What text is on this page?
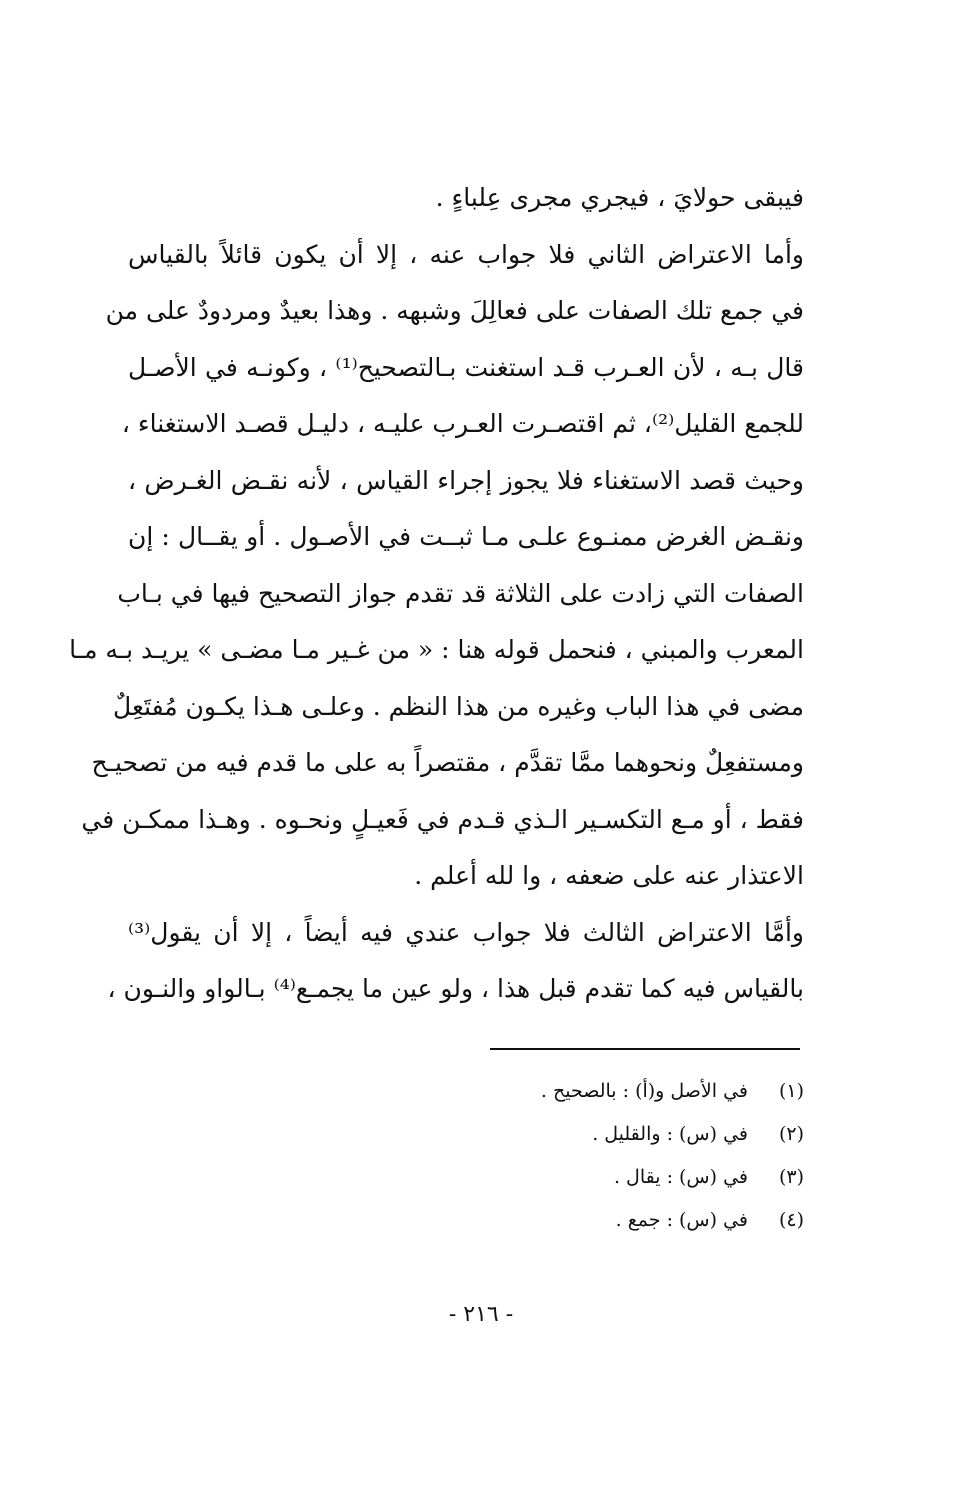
فيبقى حولايَ ، فيجري مجرى عِلباءٍ .
وأما الاعتراض الثاني فلا جواب عنه ، إلا أن يكون قائلاً بالقياس
في جمع تلك الصفات على فعالِلَ وشبهه . وهذا بعيدٌ ومردودٌ على من
قال بـه ، لأن العـرب قـد استغنت بـالتصحيح⁽¹⁾ ، وكونـه في الأصـل
للجمع القليل⁽²⁾، ثم اقتصـرت العـرب عليـه ، دليـل قصـد الاستغناء ،
وحيث قصد الاستغناء فلا يجوز إجراء القياس ، لأنه نقـض الغـرض ،
ونقـض الغرض ممنـوع علـى مـا ثبــت في الأصـول . أو يقــال : إن
الصفات التي زادت على الثلاثة قد تقدم جواز التصحيح فيها في بـاب
المعرب والمبني ، فنحمل قوله هنا : « من غـير مـا مضـى » يريـد بـه مـا
مضى في هذا الباب وغيره من هذا النظم . وعلـى هـذا يكـون مُفتَعِلٌ
ومستفعِلٌ ونحوهما ممَّا تقدَّم ، مقتصراً به على ما قدم فيه من تصحيـح
فقط ، أو مـع التكسـير الـذي قـدم في فَعيـلٍ ونحـوه . وهـذا ممكـن في
الاعتذار عنه على ضعفه ، وا لله أعلم .
وأمَّا الاعتراض الثالث فلا جواب عندي فيه أيضاً ، إلا أن يقول⁽³⁾
بالقياس فيه كما تقدم قبل هذا ، ولو عين ما يجمـع⁽⁴⁾ بـالواو والنـون ،
(١)
في الأصل و(أ) : بالصحيح .
(٢)
في (س) : والقليل .
(٣)
في (س) : يقال .
(٤)
في (س) : جمع .
- ٢١٦ -
